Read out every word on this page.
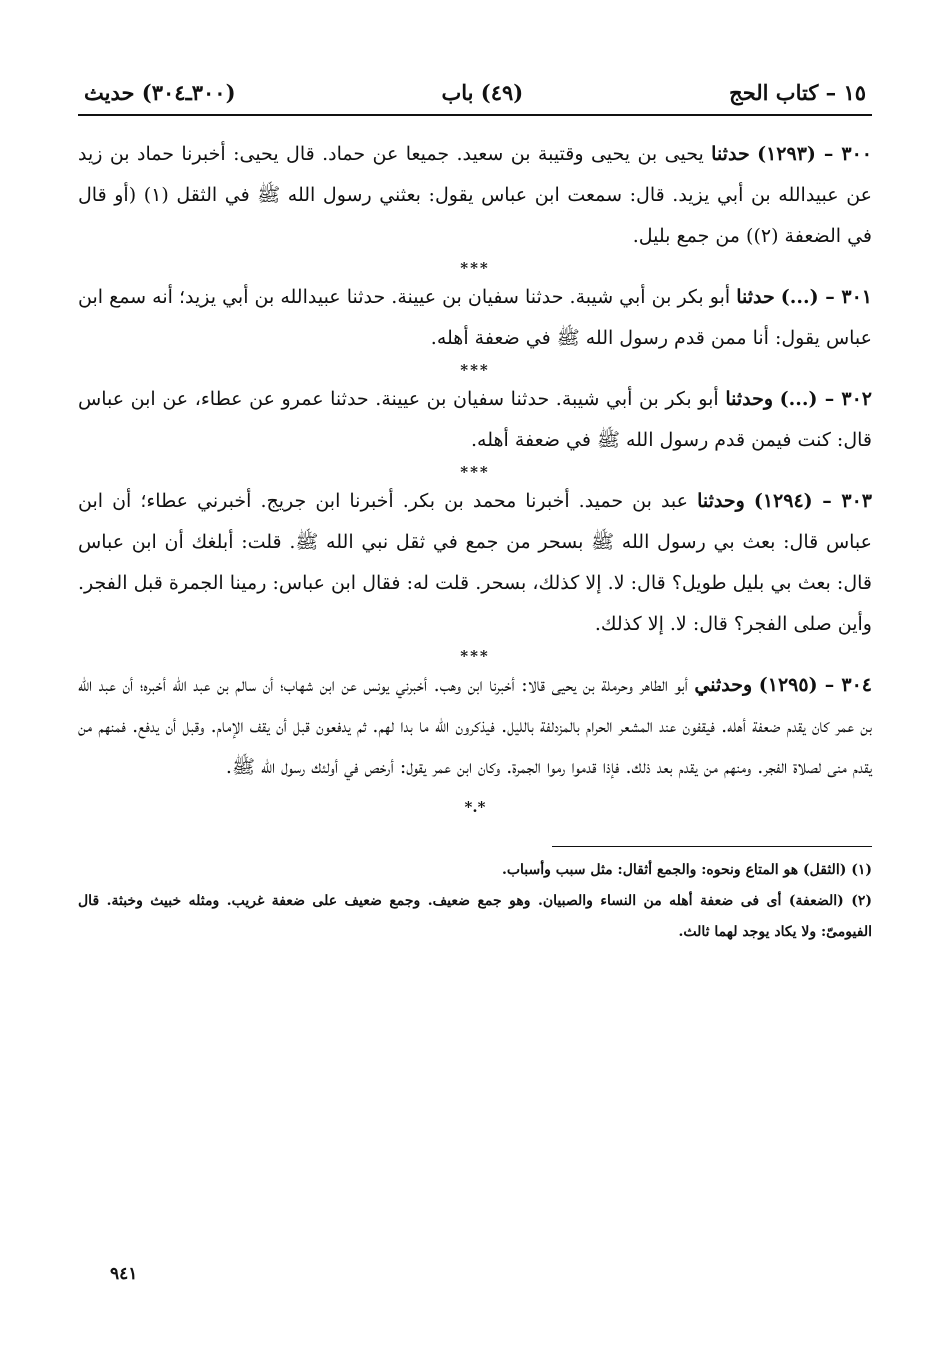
١٥ – كتاب الحج
(٤٩) باب
(٣٠٠ـ٣٠٤) حديث

٣٠٠ – (١٢٩٣) حدثنا يحيى بن يحيى وقتيبة بن سعيد. جميعا عن حماد. قال يحيى: أخبرنا حماد بن زيد عن عبيدالله بن أبي يزيد. قال: سمعت ابن عباس يقول: بعثني رسول الله ﷺ في الثقل (١) (أو قال في الضعفة (٢)) من جمع بليل.

***

٣٠١ – (...) حدثنا أبو بكر بن أبي شيبة. حدثنا سفيان بن عيينة. حدثنا عبيدالله بن أبي يزيد؛ أنه سمع ابن عباس يقول: أنا ممن قدم رسول الله ﷺ في ضعفة أهله.

***

٣٠٢ – (...) وحدثنا أبو بكر بن أبي شيبة. حدثنا سفيان بن عيينة. حدثنا عمرو عن عطاء، عن ابن عباس قال: كنت فيمن قدم رسول الله ﷺ في ضعفة أهله.

***

٣٠٣ – (١٢٩٤) وحدثنا عبد بن حميد. أخبرنا محمد بن بكر. أخبرنا ابن جريج. أخبرني عطاء؛ أن ابن عباس قال: بعث بي رسول الله ﷺ بسحر من جمع في ثقل نبي الله ﷺ. قلت: أبلغك أن ابن عباس قال: بعث بي بليل طويل؟ قال: لا. إلا كذلك، بسحر. قلت له: فقال ابن عباس: رمينا الجمرة قبل الفجر. وأين صلى الفجر؟ قال: لا. إلا كذلك.

***

٣٠٤ – (١٢٩٥) وحدثني أبو الطاهر وحرملة بن يحيى قالا: أخبرنا ابن وهب. أخبرني يونس عن ابن شهاب؛ أن سالم بن عبد الله أخبره؛ أن عبد الله بن عمر كان يقدم ضعفة أهله. فيقفون عند المشعر الحرام بالمزدلفة بالليل. فيذكرون الله ما بدا لهم. ثم يدفعون قبل أن يقف الإمام. وقبل أن يدفع. فمنهم من يقدم منى لصلاة الفجر. ومنهم من يقدم بعد ذلك. فإذا قدموا رموا الجمرة. وكان ابن عمر يقول: أرخص في أولئك رسول الله ﷺ.

*.*

(١) (الثقل) هو المتاع ونحوه: والجمع أثقال: مثل سبب وأسباب.

(٢) (الضعفة) أى فى ضعفة أهله من النساء والصبيان. وهو جمع ضعيف. وجمع ضعيف على ضعفة غريب. ومثله خبيث وخبثة. قال الفيومىّ: ولا يكاد يوجد لهما ثالث.

٩٤١
